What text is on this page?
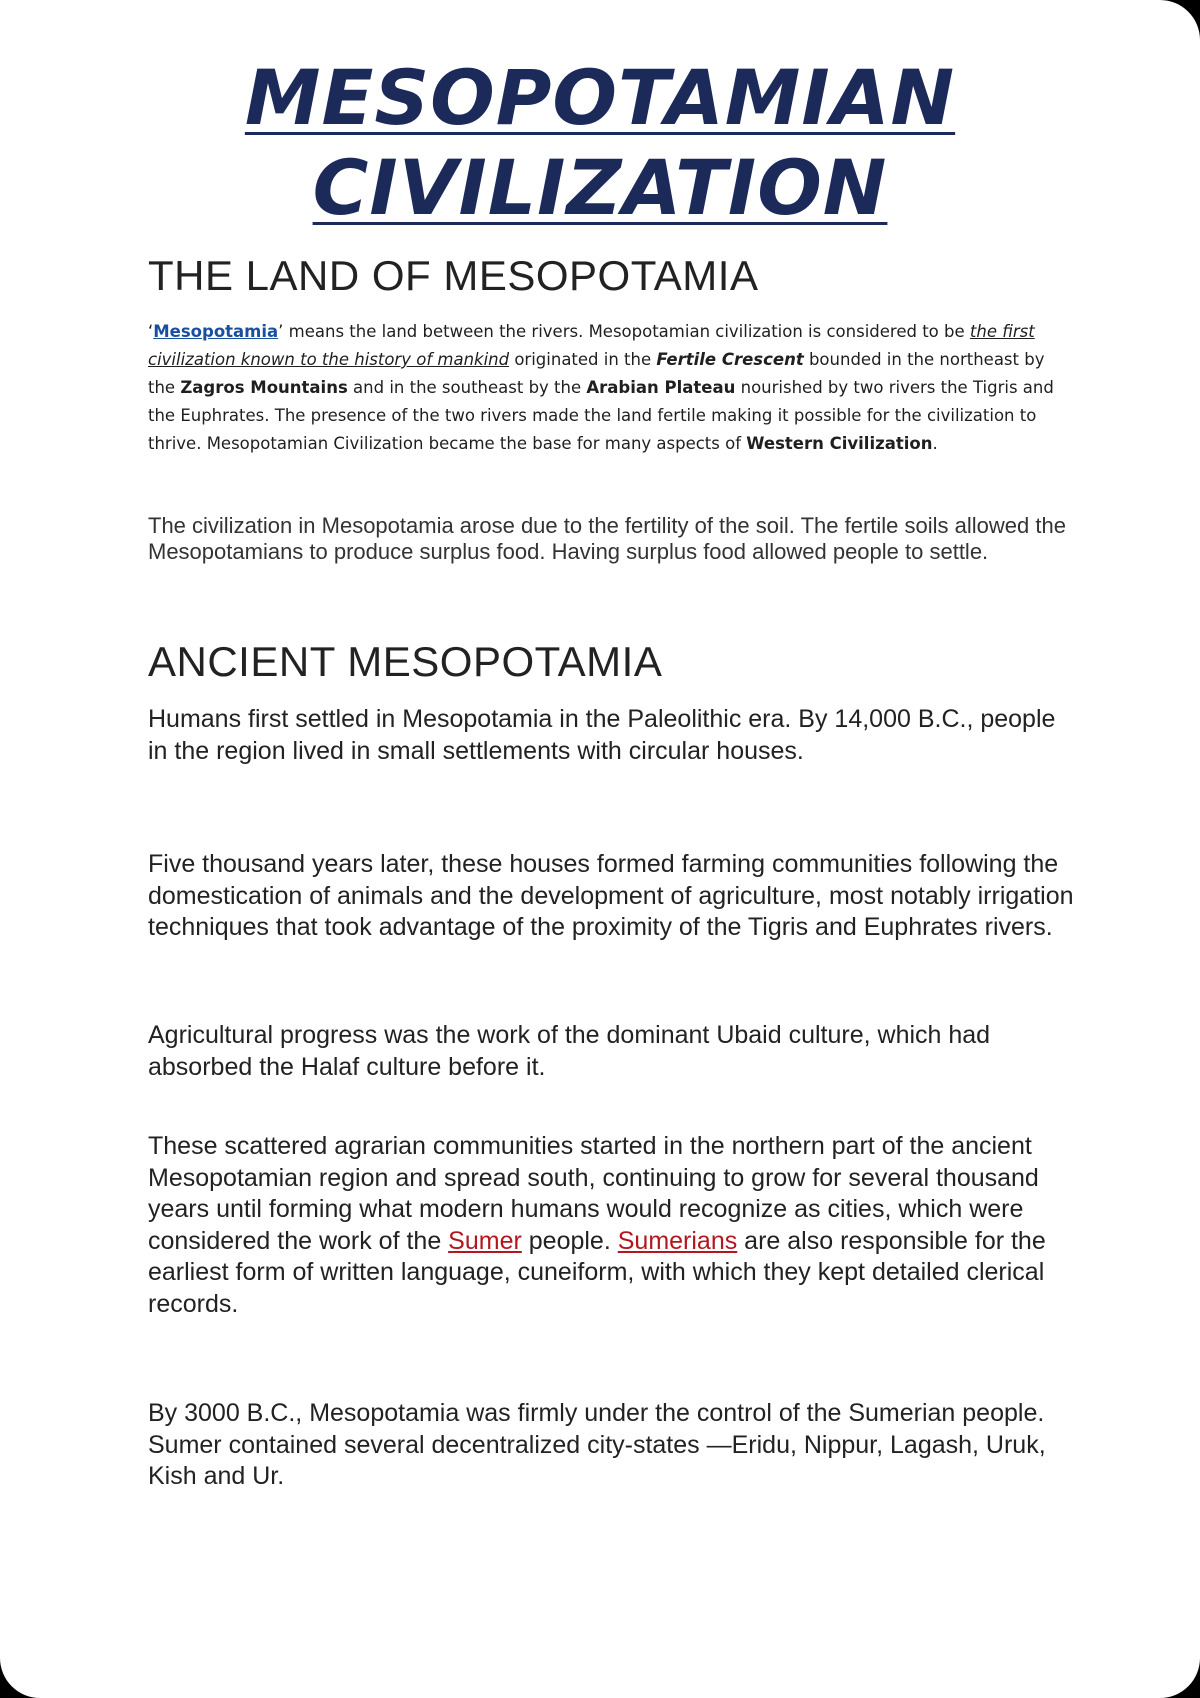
MESOPOTAMIAN
CIVILIZATION
THE LAND OF MESOPOTAMIA

‘Mesopotamia’ means the land between the rivers. Mesopotamian civilization is considered to be the first civilization known to the history of mankind originated in the Fertile Crescent bounded in the northeast by the Zagros Mountains and in the southeast by the Arabian Plateau nourished by two rivers the Tigris and the Euphrates. The presence of the two rivers made the land fertile making it possible for the civilization to thrive. Mesopotamian Civilization became the base for many aspects of Western Civilization.

The civilization in Mesopotamia arose due to the fertility of the soil. The fertile soils allowed the Mesopotamians to produce surplus food. Having surplus food allowed people to settle.

ANCIENT MESOPOTAMIA

Humans first settled in Mesopotamia in the Paleolithic era. By 14,000 B.C., people in the region lived in small settlements with circular houses.

Five thousand years later, these houses formed farming communities following the domestication of animals and the development of agriculture, most notably irrigation techniques that took advantage of the proximity of the Tigris and Euphrates rivers.

Agricultural progress was the work of the dominant Ubaid culture, which had absorbed the Halaf culture before it.

These scattered agrarian communities started in the northern part of the ancient Mesopotamian region and spread south, continuing to grow for several thousand years until forming what modern humans would recognize as cities, which were considered the work of the Sumer people. Sumerians are also responsible for the earliest form of written language, cuneiform, with which they kept detailed clerical records.

By 3000 B.C., Mesopotamia was firmly under the control of the Sumerian people. Sumer contained several decentralized city-states —Eridu, Nippur, Lagash, Uruk, Kish and Ur.
